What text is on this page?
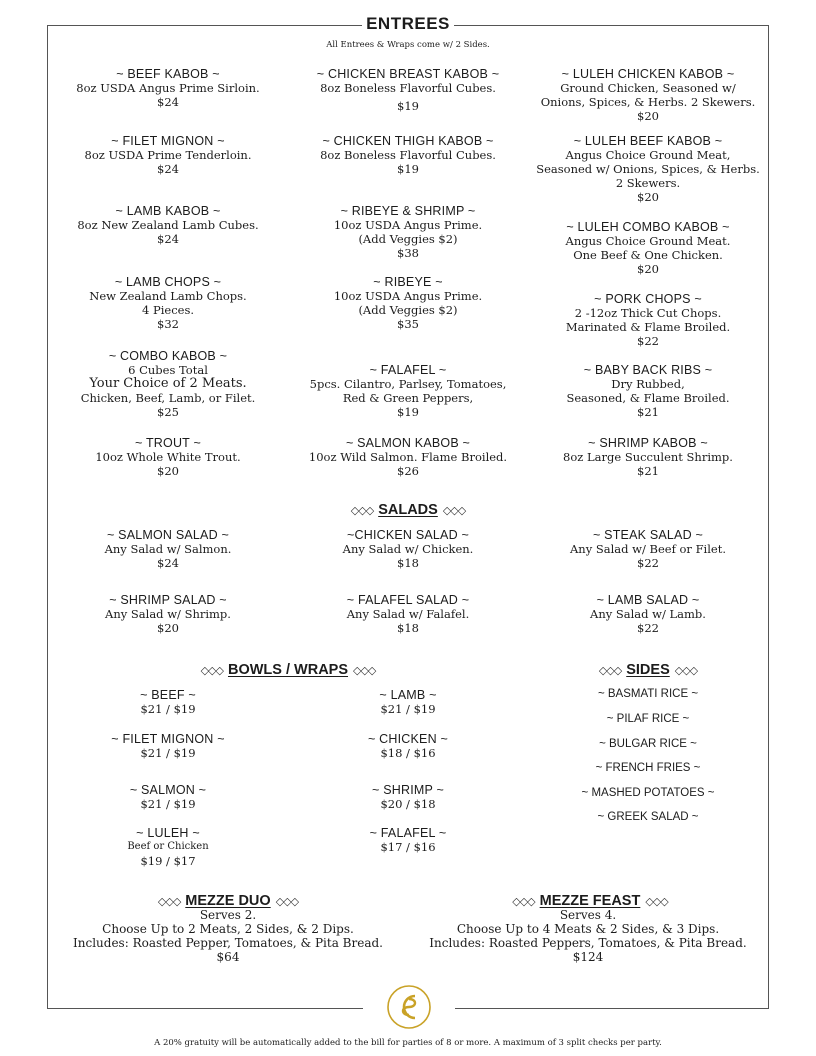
ENTREES
All Entrees & Wraps come w/ 2 Sides.
~ BEEF KABOB ~
8oz USDA Angus Prime Sirloin.
$24
~ FILET MIGNON ~
8oz USDA Prime Tenderloin.
$24
~ LAMB KABOB ~
8oz New Zealand Lamb Cubes.
$24
~ LAMB CHOPS ~
New Zealand Lamb Chops.
4 Pieces.
$32
~ COMBO KABOB ~
6 Cubes Total
Your Choice of 2 Meats.
Chicken, Beef, Lamb, or Filet.
$25
~ TROUT ~
10oz Whole White Trout.
$20
~ CHICKEN BREAST KABOB ~
8oz Boneless Flavorful Cubes.
$19
~ CHICKEN THIGH KABOB ~
8oz Boneless Flavorful Cubes.
$19
~ RIBEYE & SHRIMP ~
10oz USDA Angus Prime.
(Add Veggies $2)
$38
~ RIBEYE ~
10oz USDA Angus Prime.
(Add Veggies $2)
$35
~ FALAFEL ~
5pcs. Cilantro, Parlsey, Tomatoes,
Red & Green Peppers,
$19
~ SALMON KABOB ~
10oz Wild Salmon. Flame Broiled.
$26
~ LULEH CHICKEN KABOB ~
Ground Chicken, Seasoned w/
Onions, Spices, & Herbs. 2 Skewers.
$20
~ LULEH BEEF KABOB ~
Angus Choice Ground Meat,
Seasoned w/ Onions, Spices, & Herbs.
2 Skewers.
$20
~ LULEH COMBO KABOB ~
Angus Choice Ground Meat.
One Beef & One Chicken.
$20
~ PORK CHOPS ~
2 -12oz Thick Cut Chops.
Marinated & Flame Broiled.
$22
~ BABY BACK RIBS ~
Dry Rubbed,
Seasoned, & Flame Broiled.
$21
~ SHRIMP KABOB ~
8oz Large Succulent Shrimp.
$21
◇◇◇ SALADS ◇◇◇
~ SALMON SALAD ~
Any Salad w/ Salmon.
$24
~CHICKEN SALAD ~
Any Salad w/ Chicken.
$18
~ STEAK SALAD ~
Any Salad w/ Beef or Filet.
$22
~ SHRIMP SALAD ~
Any Salad w/ Shrimp.
$20
~ FALAFEL SALAD ~
Any Salad w/ Falafel.
$18
~ LAMB SALAD ~
Any Salad w/ Lamb.
$22
◇◇◇ BOWLS / WRAPS ◇◇◇
~ BEEF ~
$21 / $19
~ LAMB ~
$21 / $19
~ FILET MIGNON ~
$21 / $19
~ CHICKEN ~
$18 / $16
~ SALMON ~
$21 / $19
~ SHRIMP ~
$20 / $18
~ LULEH ~
Beef or Chicken
$19 / $17
~ FALAFEL ~
$17 / $16
◇◇◇ SIDES ◇◇◇
~ BASMATI RICE ~
~ PILAF RICE ~
~ BULGAR RICE ~
~ FRENCH FRIES ~
~ MASHED POTATOES ~
~ GREEK SALAD ~
◇◇◇ MEZZE DUO ◇◇◇
Serves 2.
Choose Up to 2 Meats, 2 Sides, & 2 Dips.
Includes: Roasted Pepper, Tomatoes, & Pita Bread.
$64
◇◇◇ MEZZE FEAST ◇◇◇
Serves 4.
Choose Up to 4 Meats & 2 Sides, & 3 Dips.
Includes: Roasted Peppers, Tomatoes, & Pita Bread.
$124
A 20% gratuity will be automatically added to the bill for parties of 8 or more. A maximum of 3 split checks per party.
